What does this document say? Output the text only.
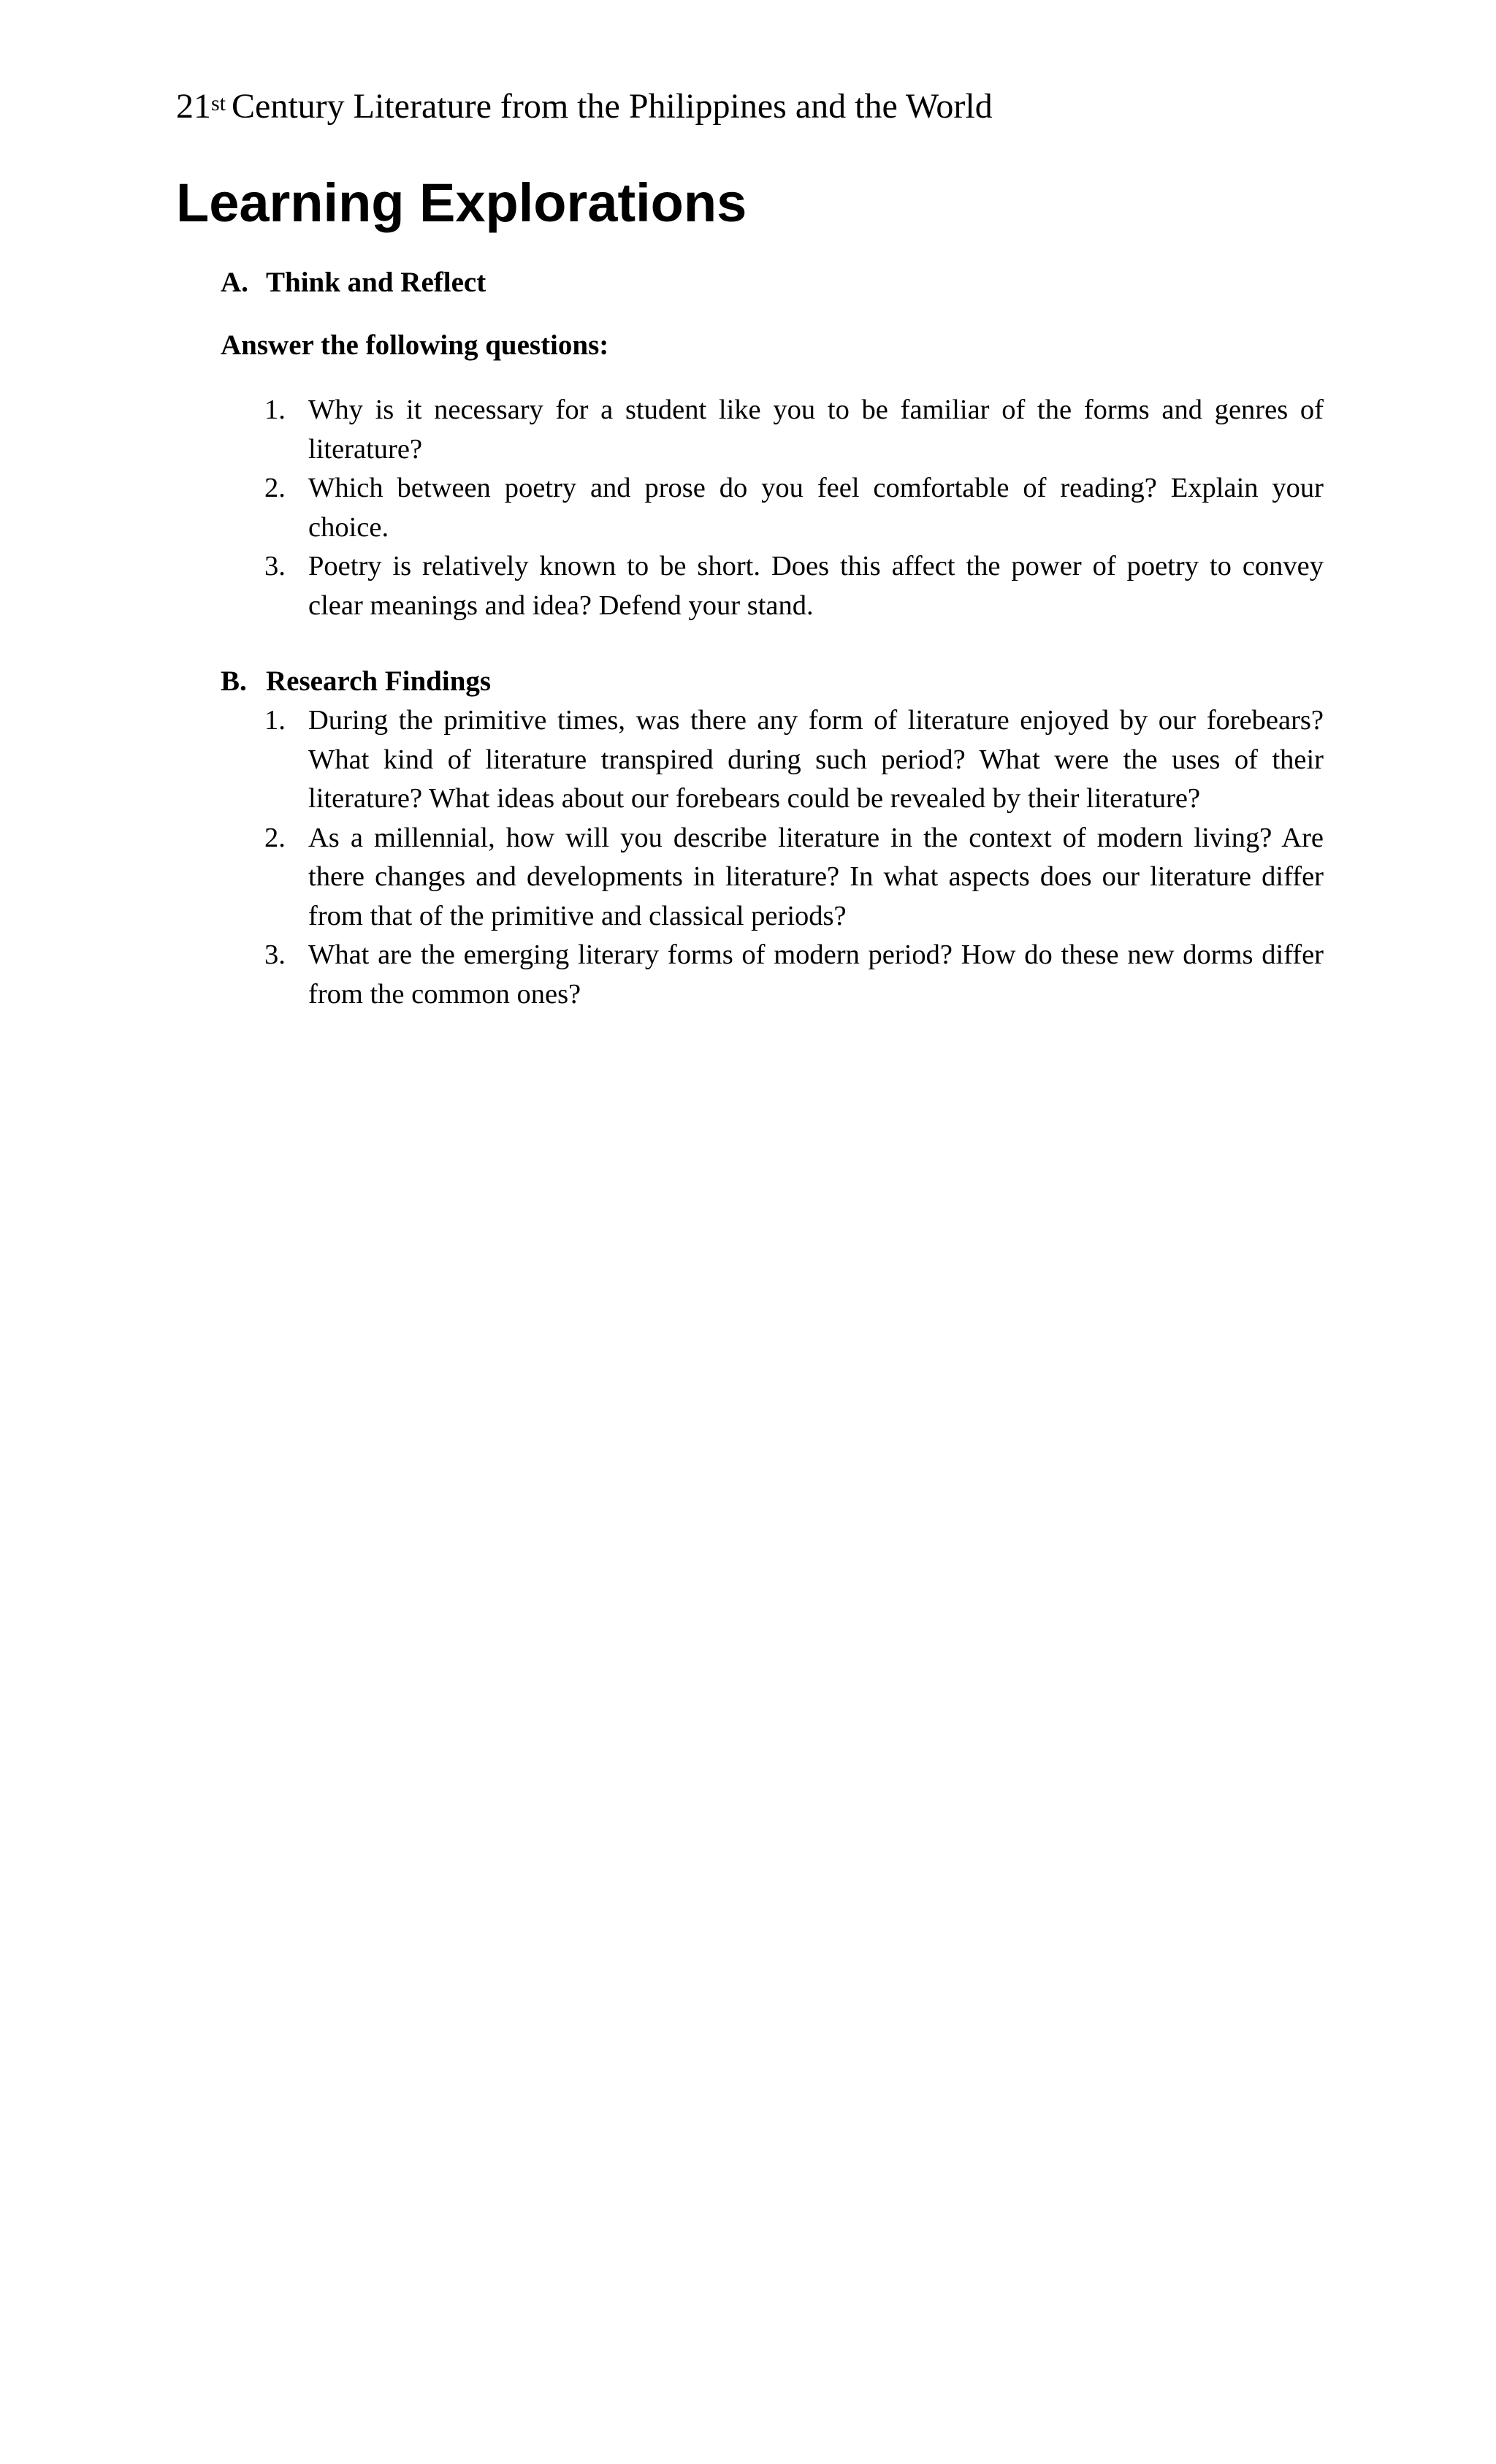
21st Century Literature from the Philippines and the World
Learning Explorations
A. Think and Reflect
Answer the following questions:
1. Why is it necessary for a student like you to be familiar of the forms and genres of literature?
2. Which between poetry and prose do you feel comfortable of reading? Explain your choice.
3. Poetry is relatively known to be short. Does this affect the power of poetry to convey clear meanings and idea? Defend your stand.
B. Research Findings
1. During the primitive times, was there any form of literature enjoyed by our forebears? What kind of literature transpired during such period? What were the uses of their literature? What ideas about our forebears could be revealed by their literature?
2. As a millennial, how will you describe literature in the context of modern living? Are there changes and developments in literature? In what aspects does our literature differ from that of the primitive and classical periods?
3. What are the emerging literary forms of modern period? How do these new dorms differ from the common ones?
